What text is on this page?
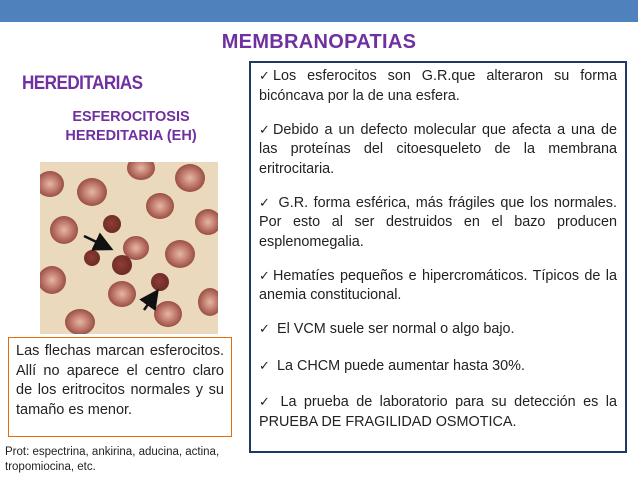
MEMBRANOPATIAS
HEREDITARIAS
ESFEROCITOSIS
HEREDITARIA (EH)

Las flechas marcan esferocitos. Allí no aparece el centro claro de los eritrocitos normales y su tamaño es menor.

Prot: espectrina, ankirina, aducina, actina, tropomiocina, etc.
✓ Los esferocitos son G.R.que alteraron su forma bicóncava por la de una esfera.
✓ Debido a un defecto molecular que afecta a una de las proteínas del citoesqueleto de la membrana eritrocitaria.
✓ G.R. forma esférica, más frágiles que los normales. Por esto al ser destruidos en el bazo producen esplenomegalia.
✓ Hematíes pequeños e hipercromáticos. Típicos de la anemia constitucional.
✓ El VCM suele ser normal o algo bajo.
✓ La CHCM puede aumentar hasta 30%.
✓ La prueba de laboratorio para su detección es la PRUEBA DE FRAGILIDAD OSMOTICA.
